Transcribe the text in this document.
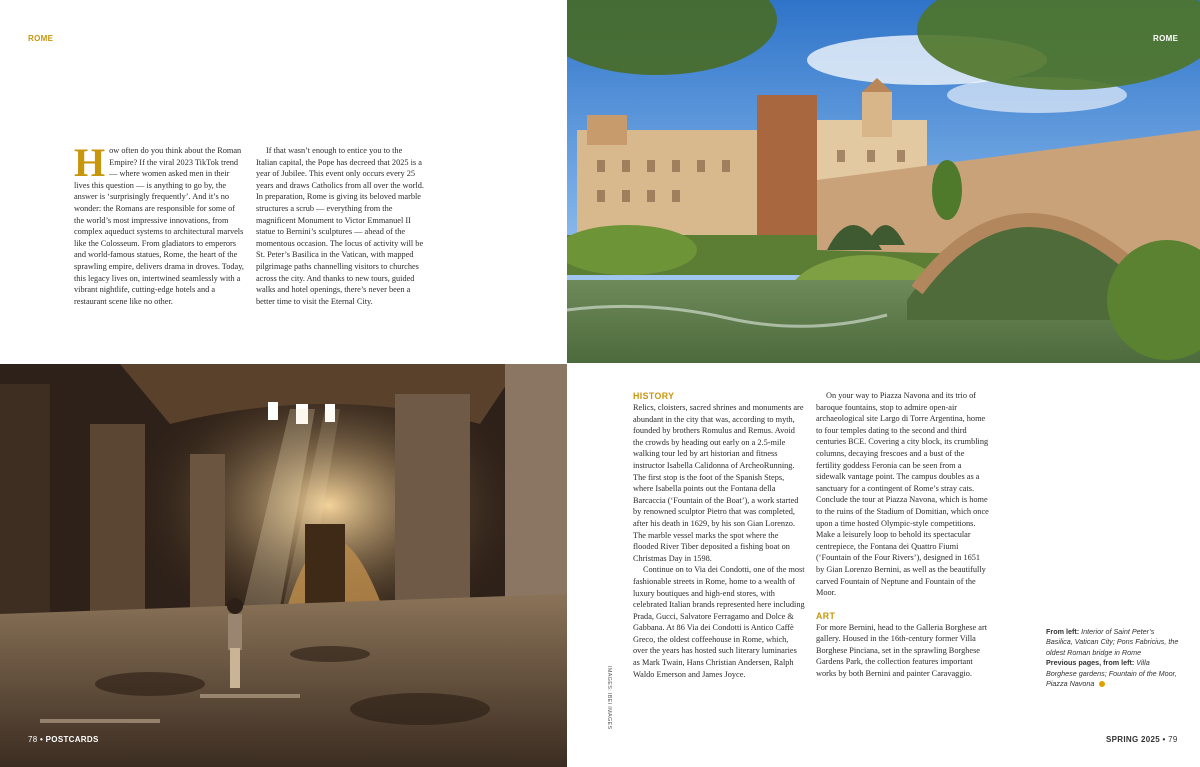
ROME	ROME
H ow often do you think about the Roman Empire? If the viral 2023 TikTok trend — where women asked men in their lives this question — is anything to go by, the answer is ‘surprisingly frequently’. And it’s no wonder: the Romans are responsible for some of the world’s most impressive innovations, from complex aqueduct systems to architectural marvels like the Colosseum. From gladiators to emperors and world-famous statues, Rome, the heart of the sprawling empire, delivers drama in droves. Today, this legacy lives on, intertwined seamlessly with a vibrant nightlife, cutting-edge hotels and a restaurant scene like no other.

If that wasn’t enough to entice you to the Italian capital, the Pope has decreed that 2025 is a year of Jubilee. This event only occurs every 25 years and draws Catholics from all over the world. In preparation, Rome is giving its beloved marble structures a scrub — everything from the magnificent Monument to Victor Emmanuel II statue to Bernini’s sculptures — ahead of the momentous occasion. The locus of activity will be St. Peter’s Basilica in the Vatican, with mapped pilgrimage paths channelling visitors to churches across the city. And thanks to new tours, guided walks and hotel openings, there’s never been a better time to visit the Eternal City.

HISTORY

Relics, cloisters, sacred shrines and monuments are abundant in the city that was, according to myth, founded by brothers Romulus and Remus. Avoid the crowds by heading out early on a 2.5-mile walking tour led by art historian and fitness instructor Isabella Calidonna of ArcheoRunning. The first stop is the foot of the Spanish Steps, where Isabella points out the Fontana della Barcaccia (‘Fountain of the Boat’), a work started by renowned sculptor Pietro that was completed, after his death in 1629, by his son Gian Lorenzo. The marble vessel marks the spot where the flooded River Tiber deposited a fishing boat on Christmas Day in 1598.

Continue on to Via dei Condotti, one of the most fashionable streets in Rome, home to a wealth of luxury boutiques and high-end stores, with celebrated Italian brands represented here including Prada, Gucci, Salvatore Ferragamo and Dolce & Gabbana. At 86 Via dei Condotti is Antico Caffè Greco, the oldest coffeehouse in Rome, which, over the years has hosted such literary luminaries as Mark Twain, Hans Christian Andersen, Ralph Waldo Emerson and James Joyce.

On your way to Piazza Navona and its trio of baroque fountains, stop to admire open-air archaeological site Largo di Torre Argentina, home to four temples dating to the second and third centuries BCE. Covering a city block, its crumbling columns, decaying frescoes and a bust of the fertility goddess Feronia can be seen from a sidewalk vantage point. The campus doubles as a sanctuary for a contingent of Rome’s stray cats. Conclude the tour at Piazza Navona, which is home to the ruins of the Stadium of Domitian, which once upon a time hosted Olympic-style competitions. Make a leisurely loop to behold its spectacular centrepiece, the Fontana dei Quattro Fiumi (‘Fountain of the Four Rivers’), designed in 1651 by Gian Lorenzo Bernini, as well as the beautifully carved Fountain of Neptune and Fountain of the Moor.

ART

For more Bernini, head to the Galleria Borghese art gallery. Housed in the 16th-century former Villa Borghese Pinciana, set in the sprawling Borghese Gardens Park, the collection features important works by both Bernini and painter Caravaggio.

From left: Interior of Saint Peter’s Basilica, Vatican City; Pons Fabricius, the oldest Roman bridge in Rome
Previous pages, from left: Villa Borghese gardens; Fountain of the Moor, Piazza Navona
IMAGES: IBEI IMAGES
78 • POSTCARDS	SPRING 2025 • 79
